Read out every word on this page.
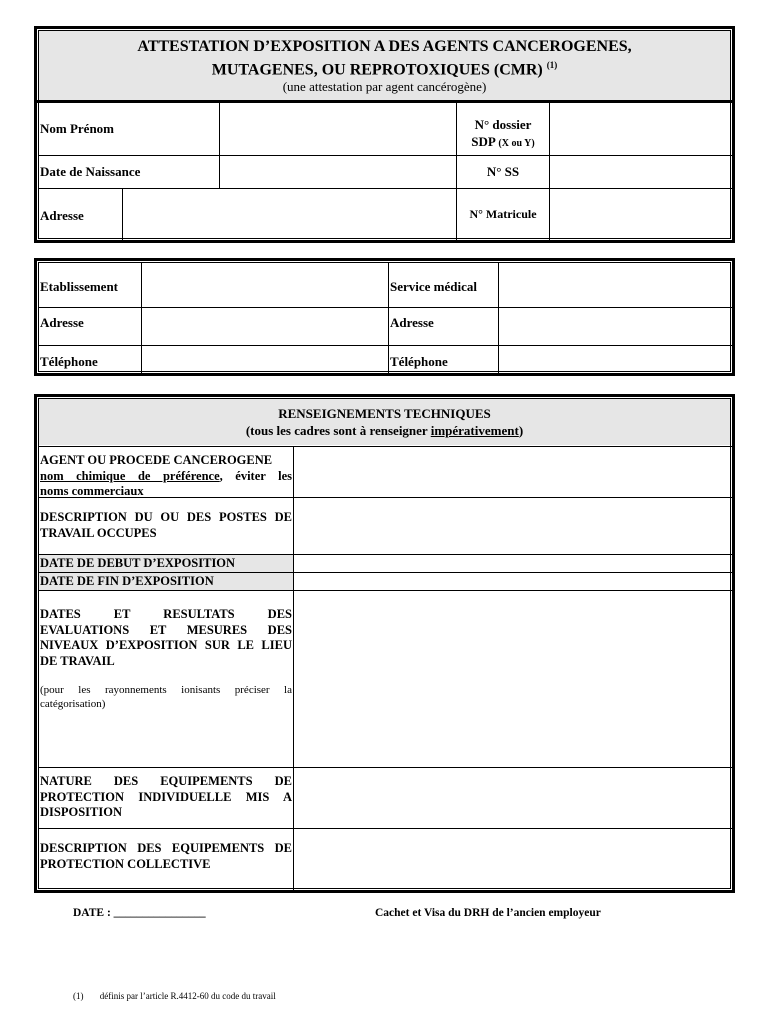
ATTESTATION D’EXPOSITION A DES AGENTS CANCEROGENES,
MUTAGENES, OU REPROTOXIQUES (CMR) $^{(1)}$
(une attestation par agent cancérogène)
Nom Prénom
Date de Naissance
Adresse
N° dossier
SDP (X ou Y)
N° SS
N° Matricule
Etablissement
Adresse
Téléphone
Service médical
Adresse
Téléphone
RENSEIGNEMENTS TECHNIQUES
(tous les cadres sont à renseigner impérativement)
AGENT OU PROCEDE CANCEROGENE
nom chimique de préférence, éviter les
noms commerciaux
DESCRIPTION DU OU DES POSTES DE TRAVAIL OCCUPES
DATE DE DEBUT D’EXPOSITION
DATE DE FIN D’EXPOSITION
DATES ET RESULTATS DES EVALUATIONS ET MESURES DES NIVEAUX D’EXPOSITION SUR LE LIEU DE TRAVAIL
(pour les rayonnements ionisants préciser la catégorisation)
NATURE DES EQUIPEMENTS DE PROTECTION INDIVIDUELLE MIS A DISPOSITION
DESCRIPTION DES EQUIPEMENTS DE PROTECTION COLLECTIVE
DATE : ________________	Cachet et Visa du DRH de l’ancien employeur
(1) définis par l’article R.4412-60 du code du travail
